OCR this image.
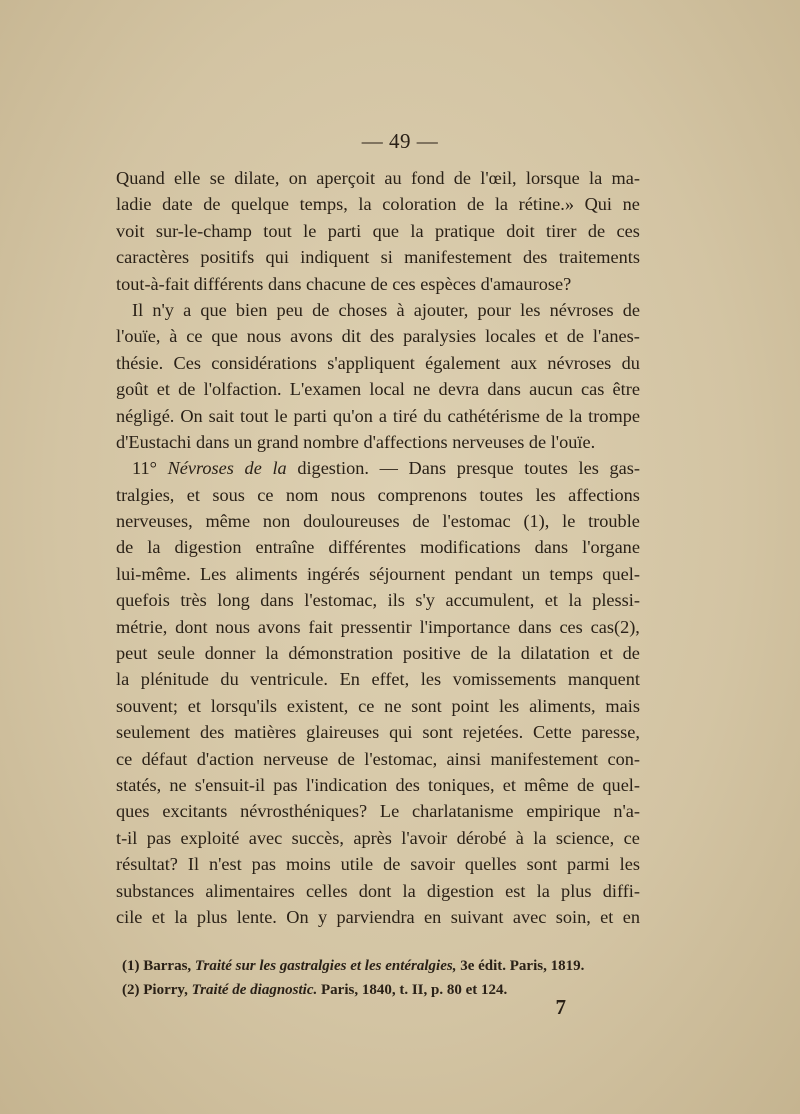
— 49 —
Quand elle se dilate, on aperçoit au fond de l'œil, lorsque la ma-
ladie date de quelque temps, la coloration de la rétine.» Qui ne
voit sur-le-champ tout le parti que la pratique doit tirer de ces
caractères positifs qui indiquent si manifestement des traitements
tout-à-fait différents dans chacune de ces espèces d'amaurose?
Il n'y a que bien peu de choses à ajouter, pour les névroses de
l'ouïe, à ce que nous avons dit des paralysies locales et de l'anes-
thésie. Ces considérations s'appliquent également aux névroses du
goût et de l'olfaction. L'examen local ne devra dans aucun cas être
négligé. On sait tout le parti qu'on a tiré du cathétérisme de la trompe
d'Eustachi dans un grand nombre d'affections nerveuses de l'ouïe.
11° Névroses de la digestion. — Dans presque toutes les gas-
tralgies, et sous ce nom nous comprenons toutes les affections
nerveuses, même non douloureuses de l'estomac (1), le trouble
de la digestion entraîne différentes modifications dans l'organe
lui-même. Les aliments ingérés séjournent pendant un temps quel-
quefois très long dans l'estomac, ils s'y accumulent, et la plessi-
métrie, dont nous avons fait pressentir l'importance dans ces cas(2),
peut seule donner la démonstration positive de la dilatation et de
la plénitude du ventricule. En effet, les vomissements manquent
souvent; et lorsqu'ils existent, ce ne sont point les aliments, mais
seulement des matières glaireuses qui sont rejetées. Cette paresse,
ce défaut d'action nerveuse de l'estomac, ainsi manifestement con-
statés, ne s'ensuit-il pas l'indication des toniques, et même de quel-
ques excitants névrosthéniques? Le charlatanisme empirique n'a-
t-il pas exploité avec succès, après l'avoir dérobé à la science, ce
résultat? Il n'est pas moins utile de savoir quelles sont parmi les
substances alimentaires celles dont la digestion est la plus diffi-
cile et la plus lente. On y parviendra en suivant avec soin, et en
(1) Barras, Traité sur les gastralgies et les entéralgies, 3e édit. Paris, 1819.
(2) Piorry, Traité de diagnostic. Paris, 1840, t. II, p. 80 et 124.
7
